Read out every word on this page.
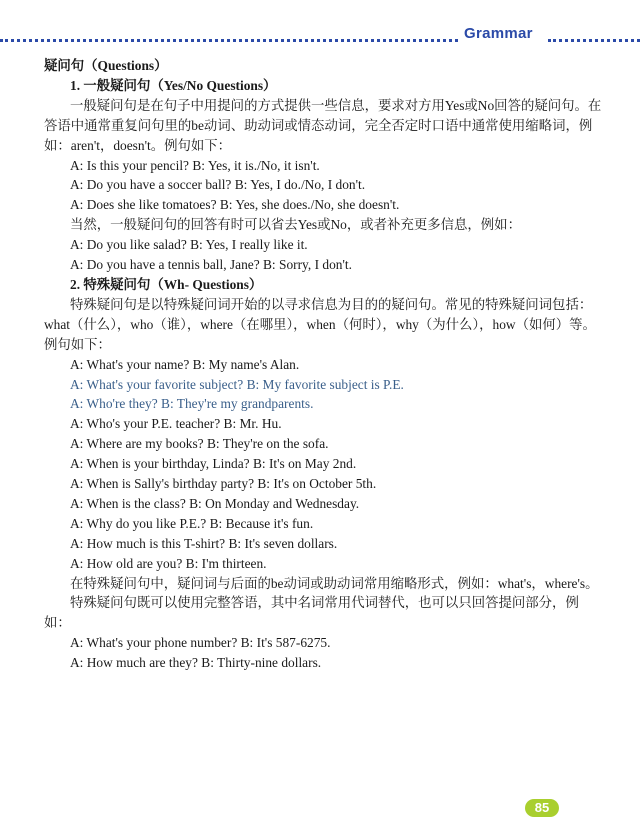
Grammar

疑问句（Questions）

1. 一般疑问句（Yes/No Questions）

一般疑问句是在句子中用提问的方式提供一些信息，要求对方用Yes或No回答的疑问句。在答语中通常重复问句里的be动词、助动词或情态动词，完全否定时口语中通常使用缩略词，例如：aren't，doesn't。例句如下：

A: Is this your pencil? B: Yes, it is./No, it isn't.

A: Do you have a soccer ball? B: Yes, I do./No, I don't.

A: Does she like tomatoes? B: Yes, she does./No, she doesn't.

当然，一般疑问句的回答有时可以省去Yes或No，或者补充更多信息，例如：

A: Do you like salad? B: Yes, I really like it.

A: Do you have a tennis ball, Jane? B: Sorry, I don't.

2. 特殊疑问句（Wh- Questions）

特殊疑问句是以特殊疑问词开始的以寻求信息为目的的疑问句。常见的特殊疑问词包括：what（什么），who（谁），where（在哪里），when（何时），why（为什么），how（如何）等。例句如下：

A: What's your name? B: My name's Alan.

A: What's your favorite subject? B: My favorite subject is P.E.

A: Who're they? B: They're my grandparents.

A: Who's your P.E. teacher? B: Mr. Hu.

A: Where are my books? B: They're on the sofa.

A: When is your birthday, Linda? B: It's on May 2nd.

A: When is Sally's birthday party? B: It's on October 5th.

A: When is the class? B: On Monday and Wednesday.

A: Why do you like P.E.? B: Because it's fun.

A: How much is this T-shirt? B: It's seven dollars.

A: How old are you? B: I'm thirteen.

在特殊疑问句中，疑问词与后面的be动词或助动词常用缩略形式，例如：what's，where's。

特殊疑问句既可以使用完整答语，其中名词常用代词替代，也可以只回答提问部分，例如：

A: What's your phone number? B: It's 587-6275.

A: How much are they? B: Thirty-nine dollars.

85
